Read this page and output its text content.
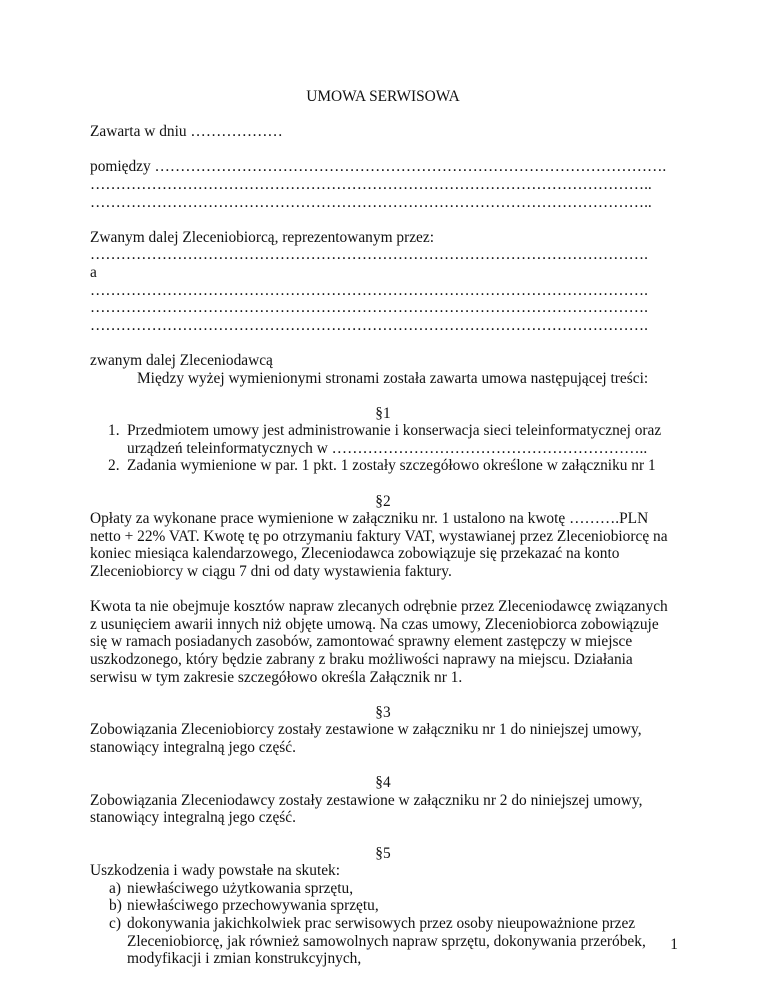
UMOWA SERWISOWA

Zawarta w dniu ………………

pomiędzy ……………………………………………………………………………………….

………………………………………………………………………………………………..

………………………………………………………………………………………………..

Zwanym dalej Zleceniobiorcą, reprezentowanym przez:

……………………………………………………………………………………………….

a

……………………………………………………………………………………………….

……………………………………………………………………………………………….

……………………………………………………………………………………………….

zwanym dalej Zleceniodawcą

Między wyżej wymienionymi stronami została zawarta umowa następującej treści:

§1

1. Przedmiotem umowy jest administrowanie i konserwacja sieci teleinformatycznej oraz urządzeń teleinformatycznych w ……………………………………………………..
2. Zadania wymienione w par. 1 pkt. 1 zostały szczegółowo określone w załączniku nr 1

§2

Opłaty za wykonane prace wymienione w załączniku nr. 1 ustalono na kwotę ……….PLN netto + 22% VAT. Kwotę tę po otrzymaniu faktury VAT, wystawianej przez Zleceniobiorcę na koniec miesiąca kalendarzowego, Zleceniodawca zobowiązuje się przekazać na konto Zleceniobiorcy w ciągu 7 dni od daty wystawienia faktury.

Kwota ta nie obejmuje kosztów napraw zlecanych odrębnie przez Zleceniodawcę związanych z usunięciem awarii innych niż objęte umową. Na czas umowy, Zleceniobiorca zobowiązuje się w ramach posiadanych zasobów, zamontować sprawny element zastępczy w miejsce uszkodzonego, który będzie zabrany z braku możliwości naprawy na miejscu. Działania serwisu w tym zakresie szczegółowo określa Załącznik nr 1.

§3

Zobowiązania Zleceniobiorcy zostały zestawione w załączniku nr 1 do niniejszej umowy, stanowiący integralną jego część.

§4

Zobowiązania Zleceniodawcy zostały zestawione w załączniku nr 2 do niniejszej umowy, stanowiący integralną jego część.

§5

Uszkodzenia i wady powstałe na skutek:

a) niewłaściwego użytkowania sprzętu,
b) niewłaściwego przechowywania sprzętu,
c) dokonywania jakichkolwiek prac serwisowych przez osoby nieupoważnione przez Zleceniobiorcę, jak również samowolnych napraw sprzętu, dokonywania przeróbek, modyfikacji i zmian konstrukcyjnych,

1
